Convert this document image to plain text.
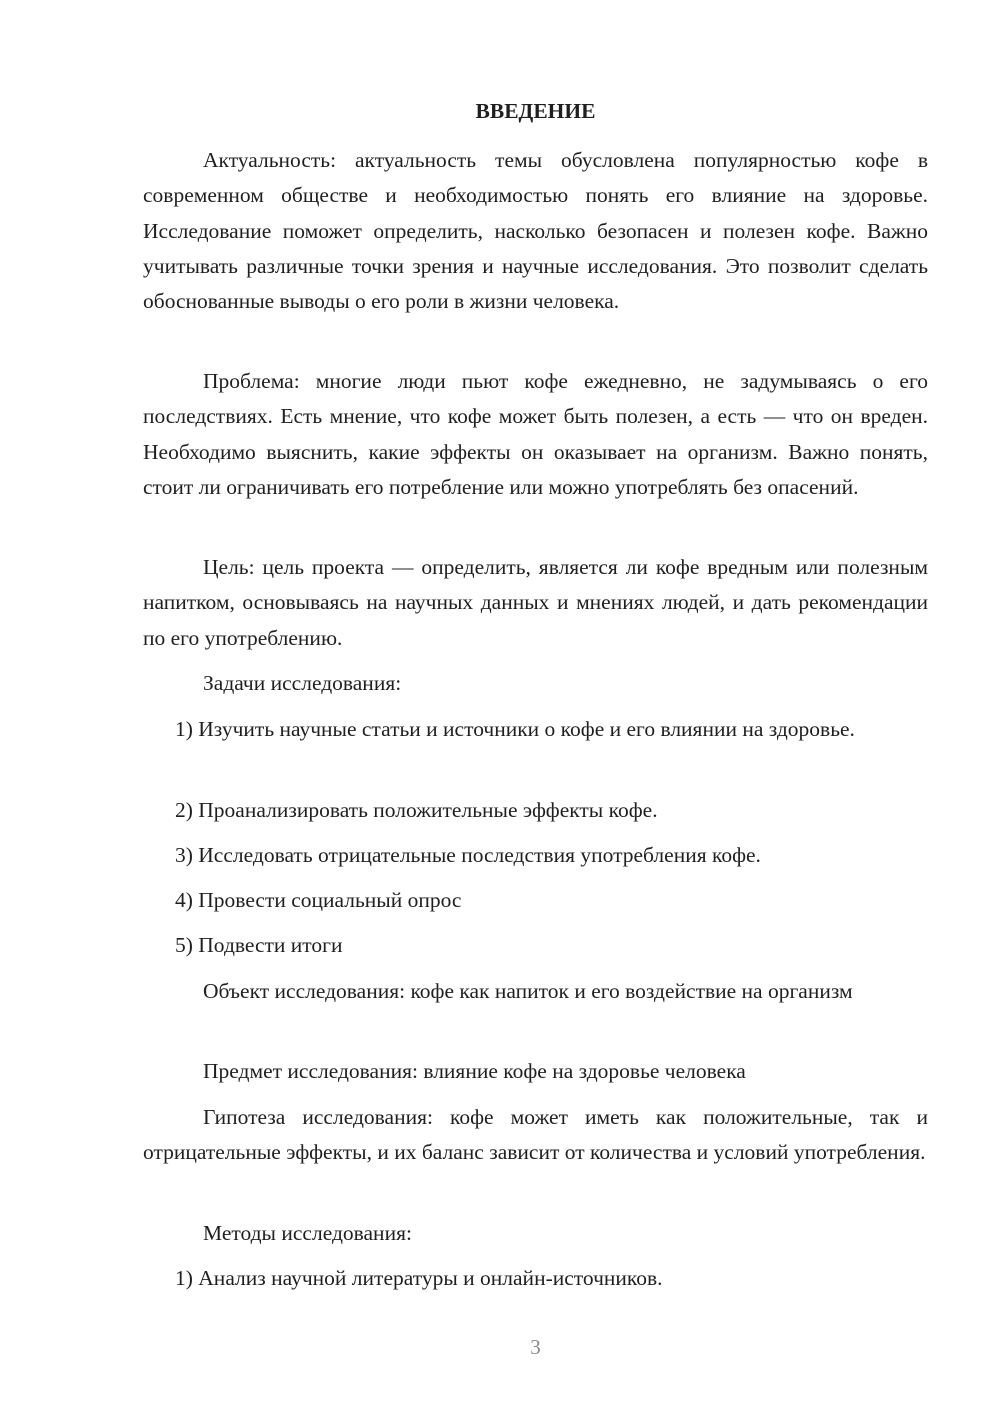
ВВЕДЕНИЕ

Актуальность: актуальность темы обусловлена популярностью кофе в современном обществе и необходимостью понять его влияние на здоровье. Исследование поможет определить, насколько безопасен и полезен кофе. Важно учитывать различные точки зрения и научные исследования. Это позволит сделать обоснованные выводы о его роли в жизни человека.

Проблема: многие люди пьют кофе ежедневно, не задумываясь о его последствиях. Есть мнение, что кофе может быть полезен, а есть — что он вреден. Необходимо выяснить, какие эффекты он оказывает на организм. Важно понять, стоит ли ограничивать его потребление или можно употреблять без опасений.

Цель: цель проекта — определить, является ли кофе вредным или полезным напитком, основываясь на научных данных и мнениях людей, и дать рекомендации по его употреблению.

Задачи исследования:

1) Изучить научные статьи и источники о кофе и его влиянии на здоровье.

2) Проанализировать положительные эффекты кофе.

3) Исследовать отрицательные последствия употребления кофе.

4) Провести социальный опрос

5) Подвести итоги

Объект исследования: кофе как напиток и его воздействие на организм

Предмет исследования: влияние кофе на здоровье человека

Гипотеза исследования: кофе может иметь как положительные, так и отрицательные эффекты, и их баланс зависит от количества и условий употребления.

Методы исследования:

1) Анализ научной литературы и онлайн-источников.

3
